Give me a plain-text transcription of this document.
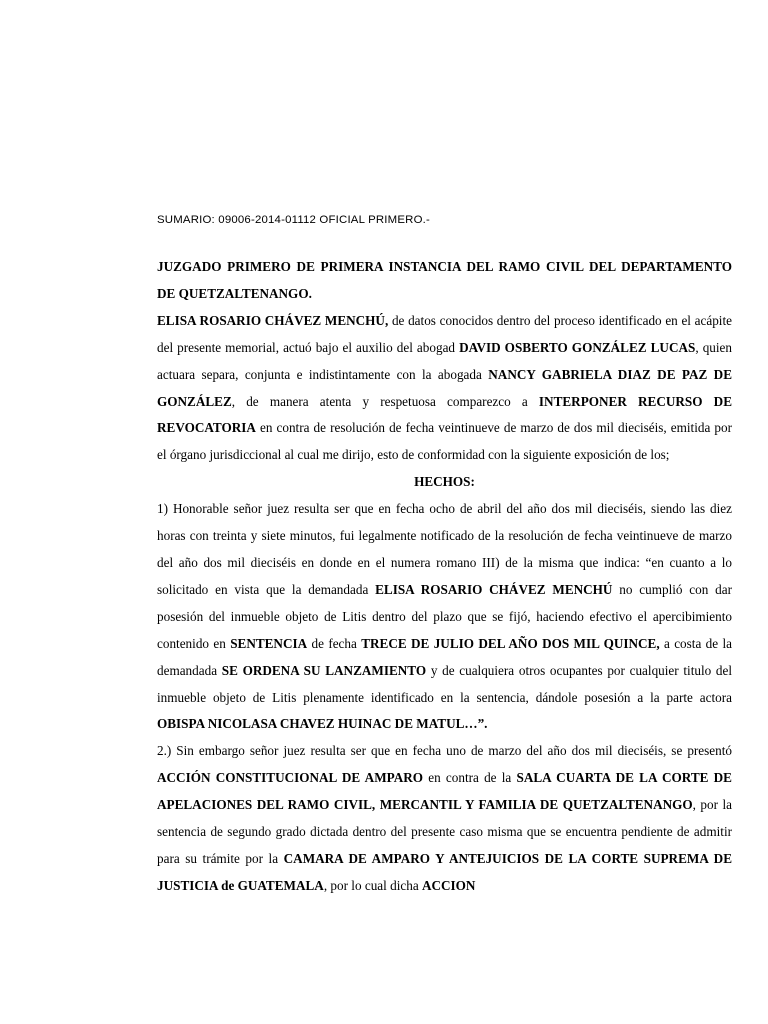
SUMARIO: 09006-2014-01112 OFICIAL PRIMERO.-

JUZGADO PRIMERO DE PRIMERA INSTANCIA DEL RAMO CIVIL DEL DEPARTAMENTO DE QUETZALTENANGO.

ELISA ROSARIO CHÁVEZ MENCHÚ, de datos conocidos dentro del proceso identificado en el acápite del presente memorial, actuó bajo el auxilio del abogad DAVID OSBERTO GONZÁLEZ LUCAS, quien actuara separa, conjunta e indistintamente con la abogada NANCY GABRIELA DIAZ DE PAZ DE GONZÁLEZ, de manera atenta y respetuosa comparezco a INTERPONER RECURSO DE REVOCATORIA en contra de resolución de fecha veintinueve de marzo de dos mil dieciséis, emitida por el órgano jurisdiccional al cual me dirijo, esto de conformidad con la siguiente exposición de los;

HECHOS:

1) Honorable señor juez resulta ser que en fecha ocho de abril del año dos mil dieciséis, siendo las diez horas con treinta y siete minutos, fui legalmente notificado de la resolución de fecha veintinueve de marzo del año dos mil dieciséis en donde en el numera romano III) de la misma que indica: “en cuanto a lo solicitado en vista que la demandada ELISA ROSARIO CHÁVEZ MENCHÚ no cumplió con dar posesión del inmueble objeto de Litis dentro del plazo que se fijó, haciendo efectivo el apercibimiento contenido en SENTENCIA de fecha TRECE DE JULIO DEL AÑO DOS MIL QUINCE, a costa de la demandada SE ORDENA SU LANZAMIENTO y de cualquiera otros ocupantes por cualquier titulo del inmueble objeto de Litis plenamente identificado en la sentencia, dándole posesión a la parte actora OBISPA NICOLASA CHAVEZ HUINAC DE MATUL…”.

2.) Sin embargo señor juez resulta ser que en fecha uno de marzo del año dos mil dieciséis, se presentó ACCIÓN CONSTITUCIONAL DE AMPARO en contra de la SALA CUARTA DE LA CORTE DE APELACIONES DEL RAMO CIVIL, MERCANTIL Y FAMILIA DE QUETZALTENANGO, por la sentencia de segundo grado dictada dentro del presente caso misma que se encuentra pendiente de admitir para su trámite por la CAMARA DE AMPARO Y ANTEJUICIOS DE LA CORTE SUPREMA DE JUSTICIA de GUATEMALA, por lo cual dicha ACCION
